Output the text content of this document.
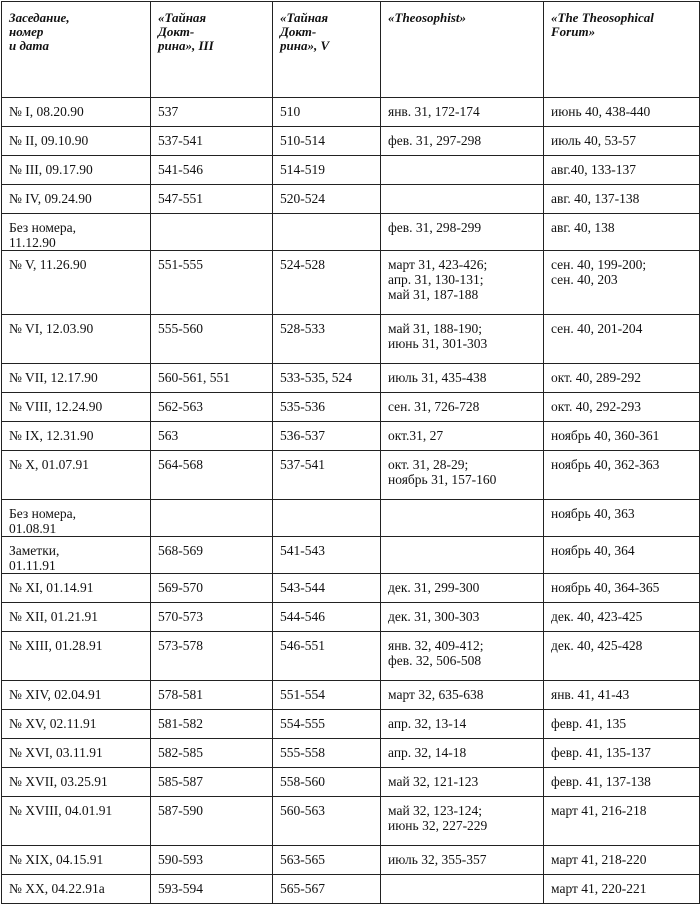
Заседание,
номер
и дата	«Тайная
Докт-
рина», III	«Тайная
Докт-
рина», V	«Theosophist»	«The Theosophical
Forum»
№ I, 08.20.90	537	510	янв. 31, 172-174	июнь 40, 438-440
№ II, 09.10.90	537-541	510-514	фев. 31, 297-298	июль 40, 53-57
№ III, 09.17.90	541-546	514-519		авг.40, 133-137
№ IV, 09.24.90	547-551	520-524		авг. 40, 137-138
Без номера,
11.12.90			фев. 31, 298-299	авг. 40, 138
№ V, 11.26.90	551-555	524-528	март 31, 423-426;
апр. 31, 130-131;
май 31, 187-188	сен. 40, 199-200;
сен. 40, 203
№ VI, 12.03.90	555-560	528-533	май 31, 188-190;
июнь 31, 301-303	сен. 40, 201-204
№ VII, 12.17.90	560-561, 551	533-535, 524	июль 31, 435-438	окт. 40, 289-292
№ VIII, 12.24.90	562-563	535-536	сен. 31, 726-728	окт. 40, 292-293
№ IX, 12.31.90	563	536-537	окт.31, 27	ноябрь 40, 360-361
№ X, 01.07.91	564-568	537-541	окт. 31, 28-29;
ноябрь 31, 157-160	ноябрь 40, 362-363
Без номера,
01.08.91				ноябрь 40, 363
Заметки,
01.11.91	568-569	541-543		ноябрь 40, 364
№ XI, 01.14.91	569-570	543-544	дек. 31, 299-300	ноябрь 40, 364-365
№ XII, 01.21.91	570-573	544-546	дек. 31, 300-303	дек. 40, 423-425
№ XIII, 01.28.91	573-578	546-551	янв. 32, 409-412;
фев. 32, 506-508	дек. 40, 425-428
№ XIV, 02.04.91	578-581	551-554	март 32, 635-638	янв. 41, 41-43
№ XV, 02.11.91	581-582	554-555	апр. 32, 13-14	февр. 41, 135
№ XVI, 03.11.91	582-585	555-558	апр. 32, 14-18	февр. 41, 135-137
№ XVII, 03.25.91	585-587	558-560	май 32, 121-123	февр. 41, 137-138
№ XVIII, 04.01.91	587-590	560-563	май 32, 123-124;
июнь 32, 227-229	март 41, 216-218
№ XIX, 04.15.91	590-593	563-565	июль 32, 355-357	март 41, 218-220
№ XX, 04.22.91a	593-594	565-567		март 41, 220-221
